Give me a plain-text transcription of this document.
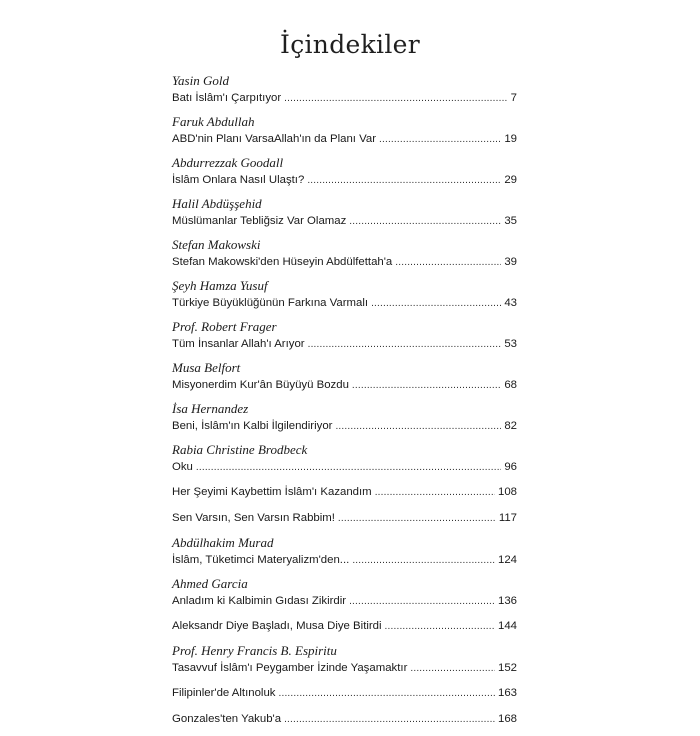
İçindekiler
Yasin Gold
Batı İslâm'ı Çarpıtıyor .....	7
Faruk Abdullah
ABD'nin Planı VarsaAllah'ın da Planı Var .....	19
Abdurrezzak Goodall
İslâm Onlara Nasıl Ulaştı? .....	29
Halil Abdüşşehid
Müslümanlar Tebliğsiz Var Olamaz .....	35
Stefan Makowski
Stefan Makowski'den Hüseyin Abdülfettah'a .....	39
Şeyh Hamza Yusuf
Türkiye Büyüklüğünün Farkına Varmalı .....	43
Prof. Robert Frager
Tüm İnsanlar Allah'ı Arıyor .....	53
Musa Belfort
Misyonerdim Kur'ân Büyüyü Bozdu .....	68
İsa Hernandez
Beni, İslâm'ın Kalbi İlgilendiriyor .....	82
Rabia Christine Brodbeck
Oku .....	96
Her Şeyimi Kaybettim İslâm'ı Kazandım .....	108
Sen Varsın, Sen Varsın Rabbim! .....	117
Abdülhakim Murad
İslâm, Tüketimci Materyalizm'den... .....	124
Ahmed Garcia
Anladım ki Kalbimin Gıdası Zikirdir .....	136
Aleksandr Diye Başladı, Musa Diye Bitirdi .....	144
Prof. Henry Francis B. Espiritu
Tasavvuf İslâm'ı Peygamber İzinde Yaşamaktır .....	152
Filipinler'de Altınoluk .....	163
Gonzales'ten Yakub'a .....	168
